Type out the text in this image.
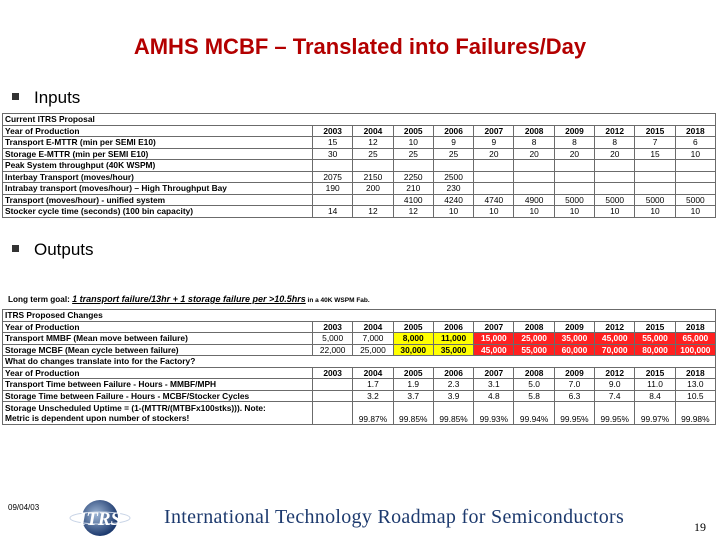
AMHS MCBF – Translated into Failures/Day
Inputs
Current ITRS Proposal										
Year of Production	2003	2004	2005	2006	2007	2008	2009	2012	2015	2018
Transport E-MTTR (min per SEMI E10)	15	12	10	9	9	8	8	8	7	6
Storage E-MTTR (min per SEMI E10)	30	25	25	25	20	20	20	20	15	10
Peak System throughput (40K WSPM)										
Interbay Transport (moves/hour)	2075	2150	2250	2500						
Intrabay transport (moves/hour) – High Throughput Bay	190	200	210	230						
Transport (moves/hour) - unified system			4100	4240	4740	4900	5000	5000	5000	5000
Stocker cycle time (seconds) (100 bin capacity)	14	12	12	10	10	10	10	10	10	10
Outputs
Long term goal: 1 transport failure/13hr + 1 storage failure per >10.5hrs in a 40K WSPM Fab.
ITRS Proposed Changes										
Year of Production	2003	2004	2005	2006	2007	2008	2009	2012	2015	2018
Transport MMBF (Mean move between failure)	5,000	7,000	8,000	11,000	15,000	25,000	35,000	45,000	55,000	65,000
Storage MCBF (Mean cycle between failure)	22,000	25,000	30,000	35,000	45,000	55,000	60,000	70,000	80,000	100,000
What do changes translate into for the Factory?										
Year of Production	2003	2004	2005	2006	2007	2008	2009	2012	2015	2018
Transport Time between Failure - Hours - MMBF/MPH		1.7	1.9	2.3	3.1	5.0	7.0	9.0	11.0	13.0
Storage Time between Failure - Hours - MCBF/Stocker Cycles		3.2	3.7	3.9	4.8	5.8	6.3	7.4	8.4	10.5

Storage Unscheduled Uptime = (1-(MTTR/(MTBFx100stks))). Note:
Metric is dependent upon number of stockers!		99.87%	99.85%	99.85%	99.93%	99.94%	99.95%	99.95%	99.97%	99.98%
09/04/03
ITRS International Technology Roadmap for Semiconductors	19
